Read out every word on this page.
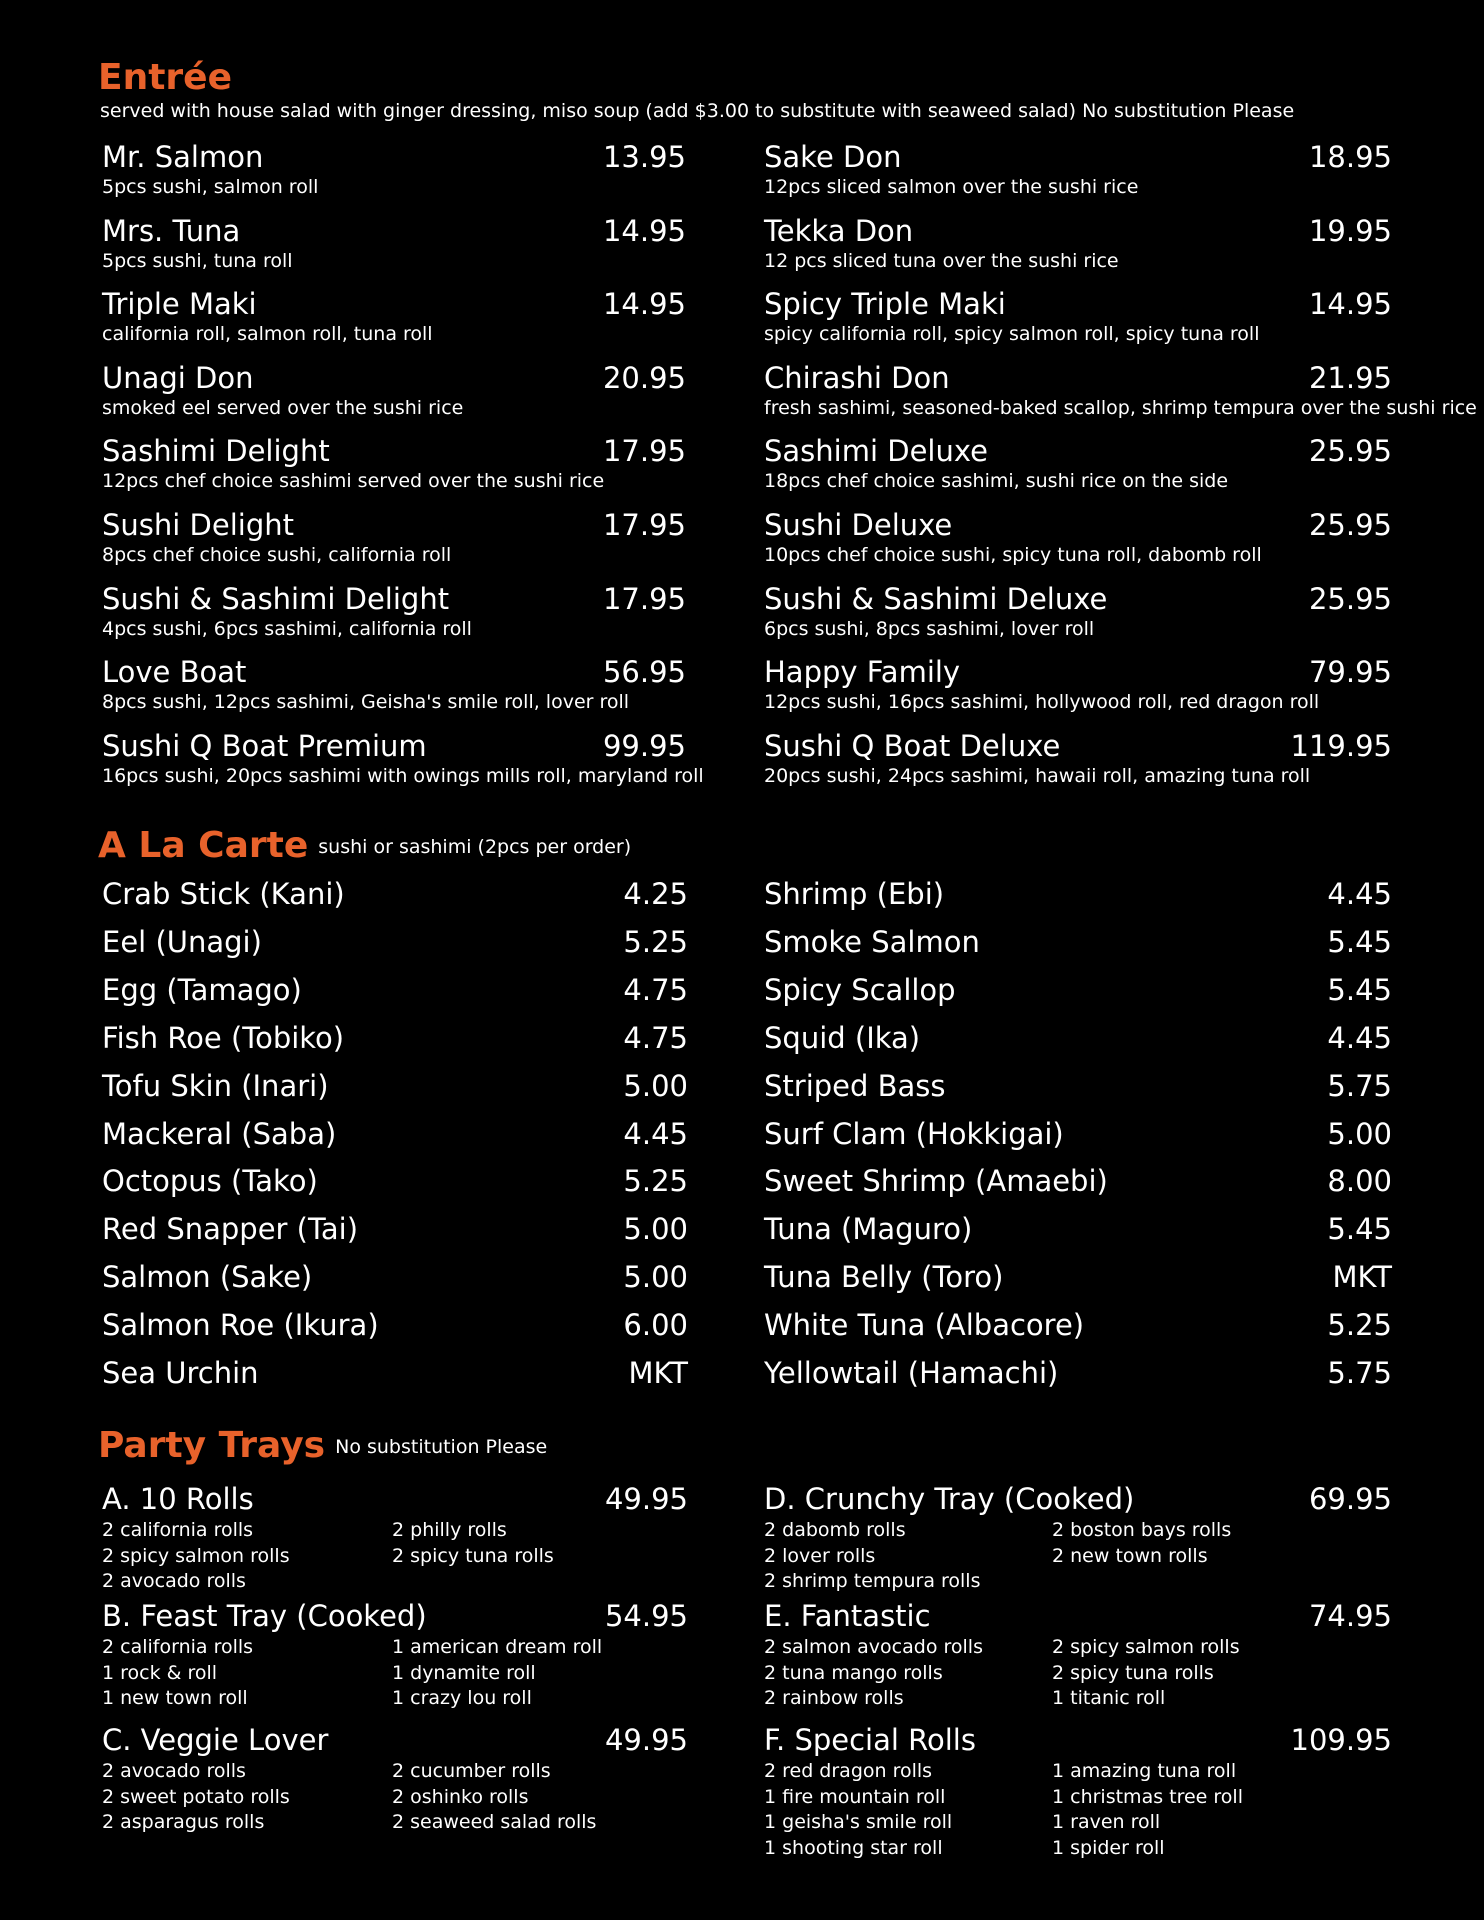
Entrée
served with house salad with ginger dressing, miso soup (add $3.00 to substitute with seaweed salad) No substitution Please
Mr. Salmon	13.95
5pcs sushi, salmon roll
Mrs. Tuna	14.95
5pcs sushi, tuna roll
Triple Maki	14.95
california roll, salmon roll, tuna roll
Unagi Don	20.95
smoked eel served over the sushi rice
Sashimi Delight	17.95
12pcs chef choice sashimi served over the sushi rice
Sushi Delight	17.95
8pcs chef choice sushi, california roll
Sushi & Sashimi Delight	17.95
4pcs sushi, 6pcs sashimi, california roll
Love Boat	56.95
8pcs sushi, 12pcs sashimi, Geisha's smile roll, lover roll
Sushi Q Boat Premium	99.95
16pcs sushi, 20pcs sashimi with owings mills roll, maryland roll
Sake Don	18.95
12pcs sliced salmon over the sushi rice
Tekka Don	19.95
12 pcs sliced tuna over the sushi rice
Spicy Triple Maki	14.95
spicy california roll, spicy salmon roll, spicy tuna roll
Chirashi Don	21.95
fresh sashimi, seasoned-baked scallop, shrimp tempura over the sushi rice
Sashimi Deluxe	25.95
18pcs chef choice sashimi, sushi rice on the side
Sushi Deluxe	25.95
10pcs chef choice sushi, spicy tuna roll, dabomb roll
Sushi & Sashimi Deluxe	25.95
6pcs sushi, 8pcs sashimi, lover roll
Happy Family	79.95
12pcs sushi, 16pcs sashimi, hollywood roll, red dragon roll
Sushi Q Boat Deluxe	119.95
20pcs sushi, 24pcs sashimi, hawaii roll, amazing tuna roll
A La Carte sushi or sashimi (2pcs per order)
Crab Stick (Kani)	4.25
Eel (Unagi)	5.25
Egg (Tamago)	4.75
Fish Roe (Tobiko)	4.75
Tofu Skin (Inari)	5.00
Mackeral (Saba)	4.45
Octopus (Tako)	5.25
Red Snapper (Tai)	5.00
Salmon (Sake)	5.00
Salmon Roe (Ikura)	6.00
Sea Urchin	MKT
Shrimp (Ebi)	4.45
Smoke Salmon	5.45
Spicy Scallop	5.45
Squid (Ika)	4.45
Striped Bass	5.75
Surf Clam (Hokkigai)	5.00
Sweet Shrimp (Amaebi)	8.00
Tuna (Maguro)	5.45
Tuna Belly (Toro)	MKT
White Tuna (Albacore)	5.25
Yellowtail (Hamachi)	5.75
Party Trays No substitution Please
A. 10 Rolls	49.95
2 california rolls
2 spicy salmon rolls
2 avocado rolls
2 philly rolls
2 spicy tuna rolls
B. Feast Tray (Cooked)	54.95
2 california rolls
1 rock & roll
1 new town roll
1 american dream roll
1 dynamite roll
1 crazy lou roll
C. Veggie Lover	49.95
2 avocado rolls
2 sweet potato rolls
2 asparagus rolls
2 cucumber rolls
2 oshinko rolls
2 seaweed salad rolls
D. Crunchy Tray (Cooked)	69.95
2 dabomb rolls
2 lover rolls
2 shrimp tempura rolls
2 boston bays rolls
2 new town rolls
E. Fantastic	74.95
2 salmon avocado rolls
2 tuna mango rolls
2 rainbow rolls
2 spicy salmon rolls
2 spicy tuna rolls
1 titanic roll
F. Special Rolls	109.95
2 red dragon rolls
1 fire mountain roll
1 geisha's smile roll
1 shooting star roll
1 amazing tuna roll
1 christmas tree roll
1 raven roll
1 spider roll
